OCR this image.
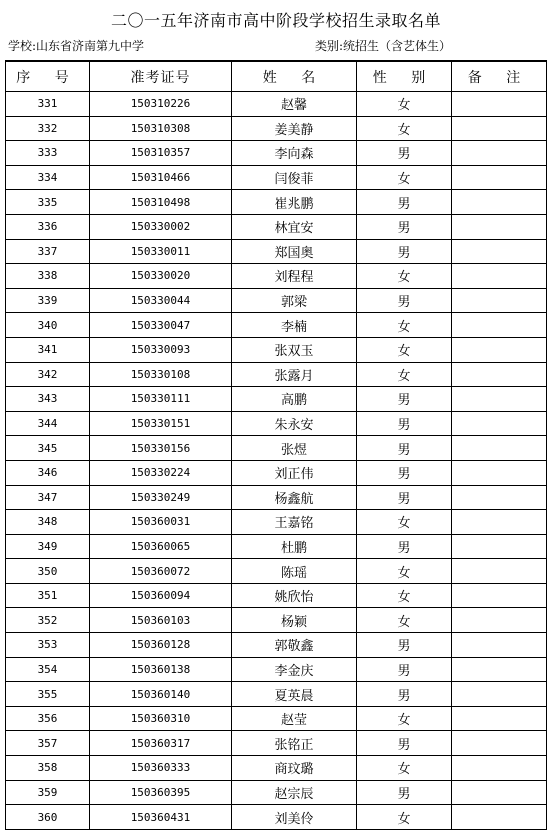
二〇一五年济南市高中阶段学校招生录取名单
学校:山东省济南第九中学	类别:统招生（含艺体生）
序 号	准考证号	姓 名	性 别	备 注
331	150310226	赵馨	女	
332	150310308	姜美静	女	
333	150310357	李向森	男	
334	150310466	闫俊菲	女	
335	150310498	崔兆鹏	男	
336	150330002	林宜安	男	
337	150330011	郑国奥	男	
338	150330020	刘程程	女	
339	150330044	郭梁	男	
340	150330047	李楠	女	
341	150330093	张双玉	女	
342	150330108	张露月	女	
343	150330111	高鹏	男	
344	150330151	朱永安	男	
345	150330156	张煜	男	
346	150330224	刘正伟	男	
347	150330249	杨鑫航	男	
348	150360031	王嘉铭	女	
349	150360065	杜鹏	男	
350	150360072	陈瑶	女	
351	150360094	姚欣怡	女	
352	150360103	杨颖	女	
353	150360128	郭敬鑫	男	
354	150360138	李金庆	男	
355	150360140	夏英晨	男	
356	150360310	赵莹	女	
357	150360317	张铭正	男	
358	150360333	商玟璐	女	
359	150360395	赵宗辰	男	
360	150360431	刘美伶	女	
